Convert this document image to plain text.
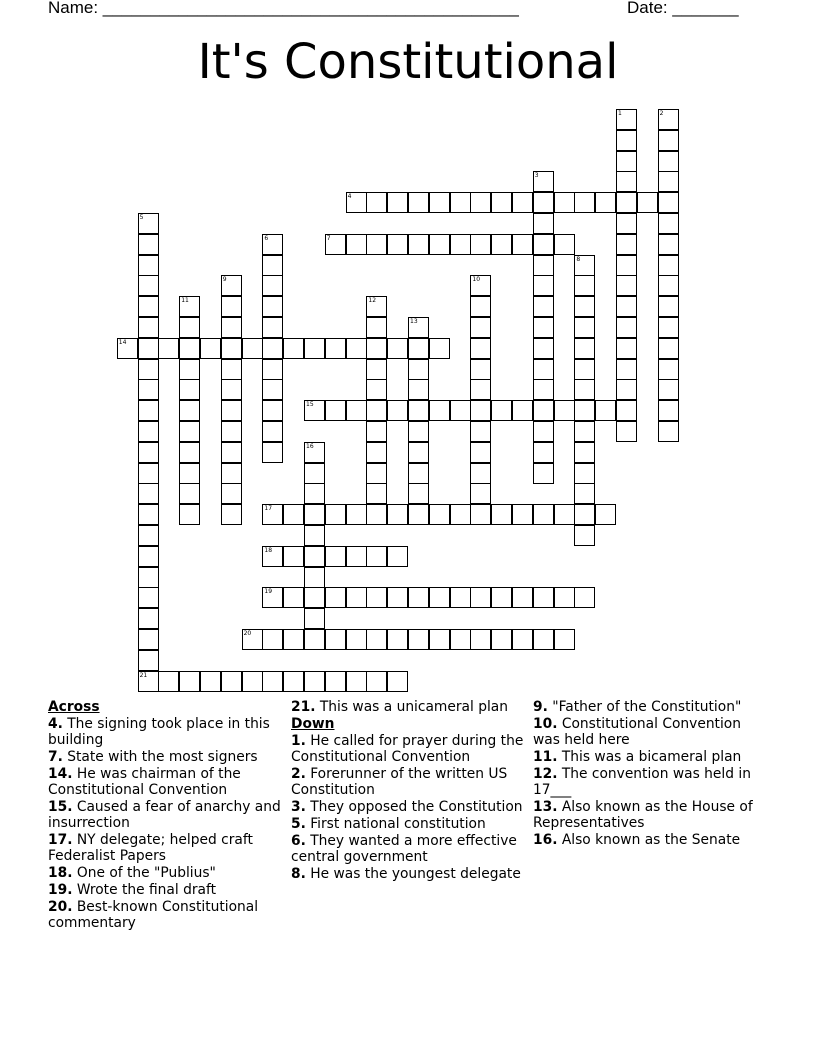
Name: ____________________________________________	Date: _______
It's Constitutional
1	2
3
4
5
6	7
8
9	10
11	12
13
14
15
16
17
18
19
20
21
Across
4. The signing took place in this building
7. State with the most signers
14. He was chairman of the Constitutional Convention
15. Caused a fear of anarchy and insurrection
17. NY delegate; helped craft Federalist Papers
18. One of the "Publius"
19. Wrote the final draft
20. Best-known Constitutional commentary
21. This was a unicameral plan
Down
1. He called for prayer during the Constitutional Convention
2. Forerunner of the written US Constitution
3. They opposed the Constitution
5. First national constitution
6. They wanted a more effective central government
8. He was the youngest delegate
9. "Father of the Constitution"
10. Constitutional Convention was held here
11. This was a bicameral plan
12. The convention was held in 17___
13. Also known as the House of Representatives
16. Also known as the Senate
